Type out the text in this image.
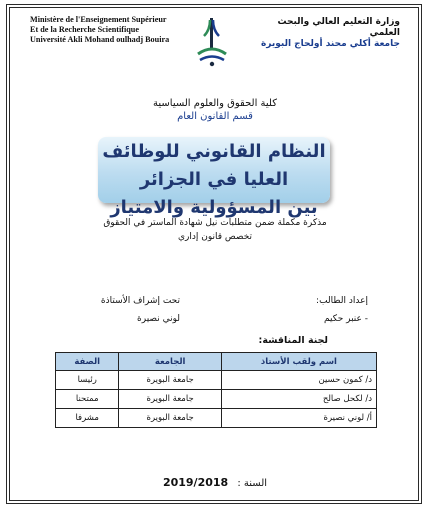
Ministère de l'Enseignement Supérieur
Et de la Recherche Scientifique
Université Akli Mohand oulhadj Bouira
وزارة التعليم العالي والبحث العلمي
جامعة أكلي محند أولحاج البويرة
كلية الحقوق والعلوم السياسية
قسم القانون العام
النظام القانوني للوظائف العليا في الجزائر
بين المسؤولية والامتياز
مذكرة مكملة ضمن متطلبات نيل شهادة الماستر في الحقوق
تخصص قانون إداري
إعداد الطالب:
- عنبر حكيم
تحت إشراف الأستاذة
لوني نصيرة
لجنة المناقشة:
اسم ولقب الأستاذ	الجامعة	الصفة
د/ كمون حسين	جامعة البويرة	رئيسا
د/ لكحل صالح	جامعة البويرة	ممتحنا
أ/ لوني نصيرة	جامعة البويرة	مشرفا
السنة : 2019/2018
